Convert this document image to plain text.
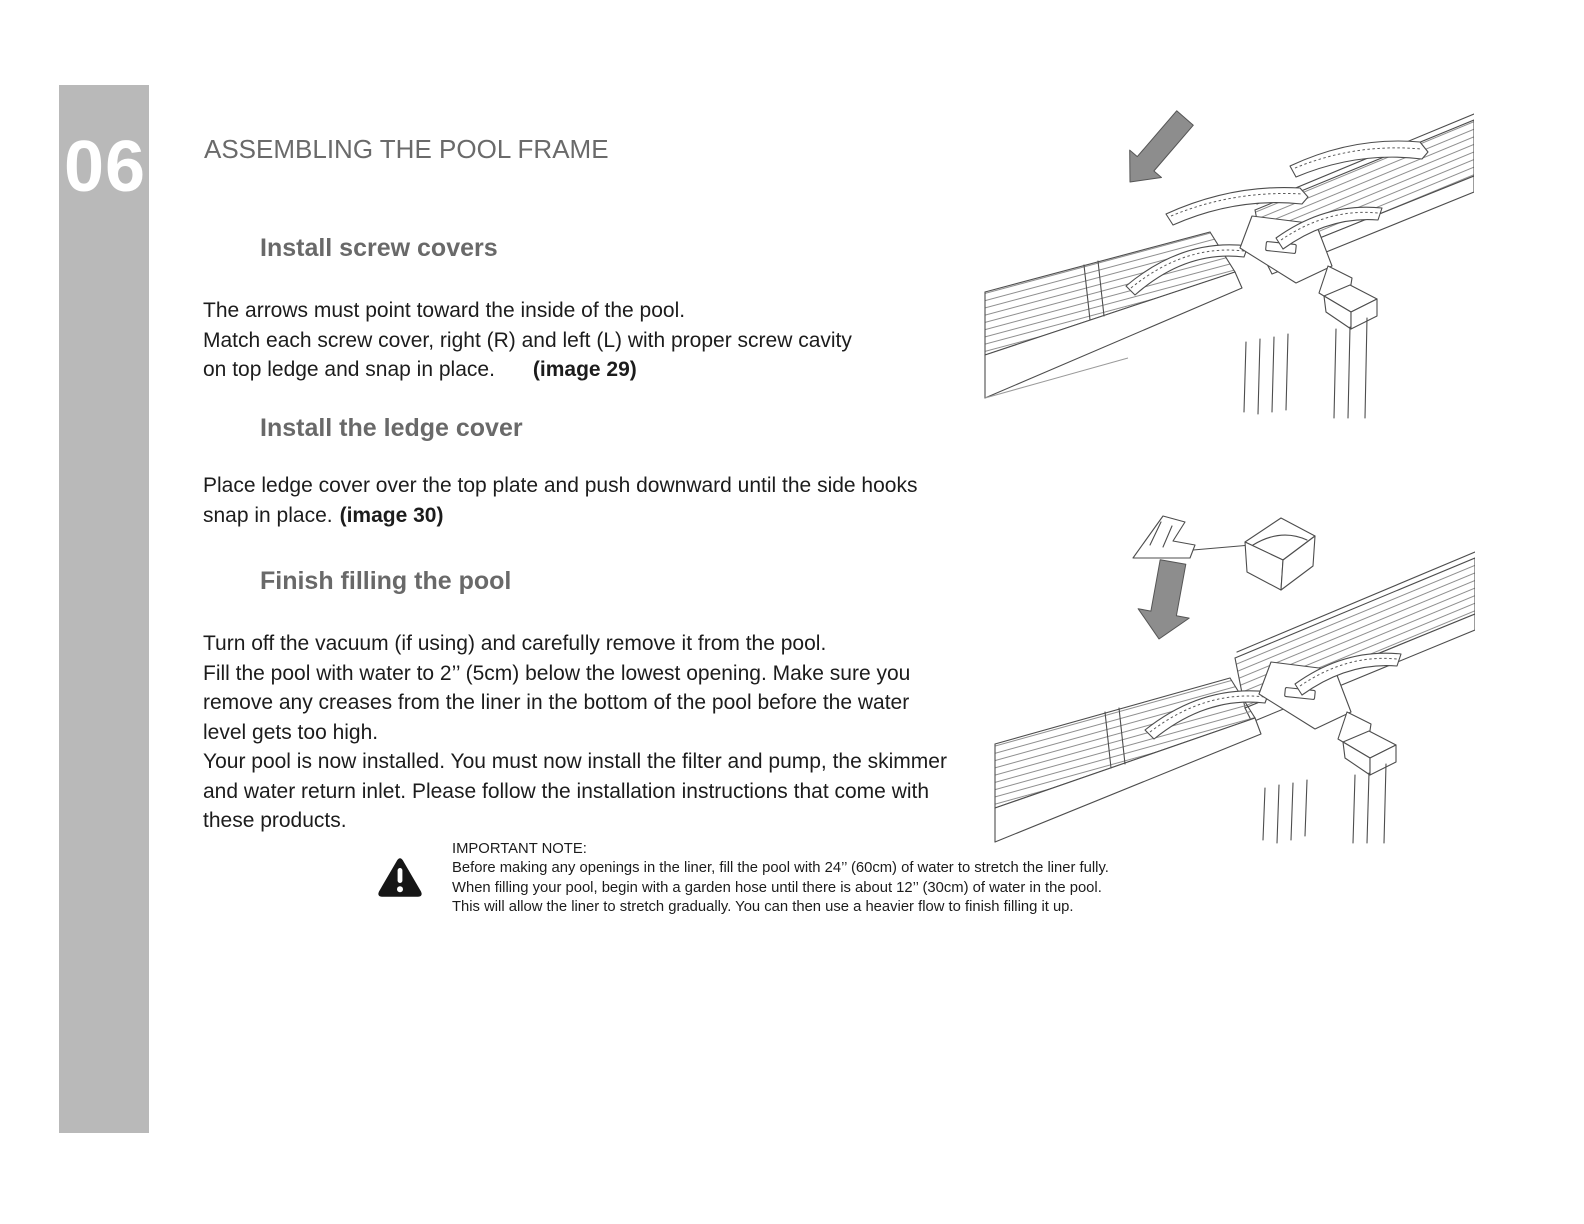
06 ASSEMBLING THE POOL FRAME
Install screw covers
The arrows must point toward the inside of the pool.
Match each screw cover, right (R) and left (L) with proper screw cavity
on top ledge and snap in place. (image 29)
Install the ledge cover
Place ledge cover over the top plate and push downward until the side hooks
snap in place. (image 30)
Finish filling the pool
Turn off the vacuum (if using) and carefully remove it from the pool.
Fill the pool with water to 2’’ (5cm) below the lowest opening. Make sure you
remove any creases from the liner in the bottom of the pool before the water
level gets too high.
Your pool is now installed. You must now install the filter and pump, the skimmer
and water return inlet. Please follow the installation instructions that come with
these products.
IMPORTANT NOTE:
Before making any openings in the liner, fill the pool with 24’’ (60cm) of water to stretch the liner fully.
When filling your pool, begin with a garden hose until there is about 12’’ (30cm) of water in the pool.
This will allow the liner to stretch gradually. You can then use a heavier flow to finish filling it up.
